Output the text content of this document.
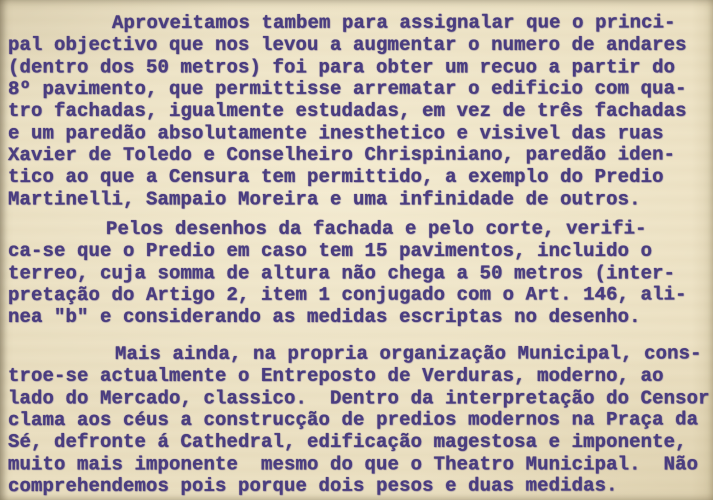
Aproveitamos tambem para assignalar que o princi-
pal objectivo que nos levou a augmentar o numero de andares
(dentro dos 50 metros) foi para obter um recuo a partir do
8º pavimento, que permittisse arrematar o edificio com qua-
tro fachadas, igualmente estudadas, em vez de três fachadas
e um paredão absolutamente inesthetico e visivel das ruas
Xavier de Toledo e Conselheiro Chrispiniano, paredão iden-
tico ao que a Censura tem permittido, a exemplo do Predio
Martinelli, Sampaio Moreira e uma infinidade de outros.
Pelos desenhos da fachada e pelo corte, verifi-
ca-se que o Predio em caso tem 15 pavimentos, incluido o
terreo, cuja somma de altura não chega a 50 metros (inter-
pretação do Artigo 2, item 1 conjugado com o Art. 146, ali-
nea "b" e considerando as medidas escriptas no desenho.
Mais ainda, na propria organização Municipal, cons-
troe-se actualmente o Entreposto de Verduras, moderno, ao
lado do Mercado, classico.  Dentro da interpretação do Censor
clama aos céus a construcção de predios modernos na Praça da
Sé, defronte á Cathedral, edificação magestosa e imponente,
muito mais imponente  mesmo do que o Theatro Municipal.  Não
comprehendemos pois porque dois pesos e duas medidas.
